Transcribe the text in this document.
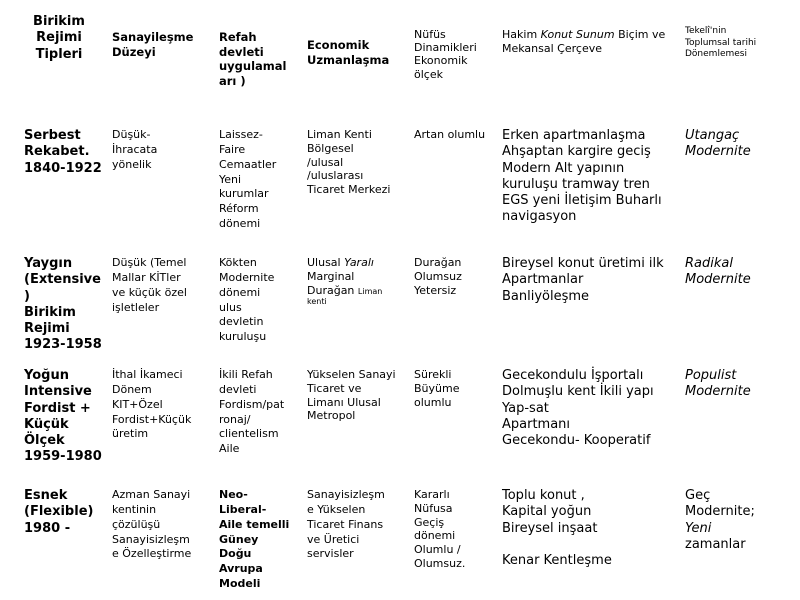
Birikim
Rejimi
Tipleri
Sanayileşme
Düzeyi
Refah
devleti
uygulamal
arı )
Economik
Uzmanlaşma
Nüfüs
Dinamikleri
Ekonomik
ölçek
Hakim Konut Sunum Biçim ve
Mekansal Çerçeve
Tekelî'nin
Toplumsal tarihi
Dönemlemesi
Serbest
Rekabet.
1840-1922
Düşük-
İhracata
yönelik
Laissez-
Faire
Cemaatler
Yeni
kurumlar
Réform
dönemi
Liman Kenti
Bölgesel
/ulusal
/uluslarası
Ticaret Merkezi
Artan olumlu	Erken apartmanlaşma
Ahşaptan kargire geciş
Modern Alt yapının
kuruluşu tramway tren
EGS yeni İletişim Buharlı
navigasyon
Utangaç
Modernite
Yaygın
(Extensive
)
Birikim
Rejimi
1923-1958
Düşük (Temel
Mallar KİTler
ve küçük özel
işletleler
Kökten
Modernite
dönemi
ulus
devletin
kuruluşu
Ulusal Yaralı
Marginal
Durağan Liman
kenti
Durağan
Olumsuz
Yetersiz
Bireysel konut üretimi ilk
Apartmanlar
Banliyöleşme
Radikal
Modernite
Yoğun
Intensive
Fordist +
Küçük
Ölçek
1959-1980
İthal İkameci
Dönem
KIT+Özel
Fordist+Küçük
üretim
İkili Refah
devleti
Fordism/pat
ronaj/
clientelism
Aile
Yükselen Sanayi
Ticaret ve
Limanı Ulusal
Metropol
Sürekli
Büyüme
olumlu
Gecekondulu İşportalı
Dolmuşlu kent İkili yapı
Yap-sat
Apartmanı
Gecekondu- Kooperatif
Populist
Modernite
Esnek
(Flexible)
1980 -
Azman Sanayi
kentinin
çözülüşü
Sanayisizleşm
e Özelleştirme
Neo-
Liberal-
Aile temelli
Güney
Doğu
Avrupa
Modeli
Sanayisizleşm
e Yükselen
Ticaret Finans
ve Üretici
servisler
Kararlı
Nüfusa
Geçiş
dönemi
Olumlu /
Olumsuz.
Toplu konut ,
Kapital yoğun
Bireysel inşaat

Kenar Kentleşme
Geç
Modernite;
Yeni
zamanlar
